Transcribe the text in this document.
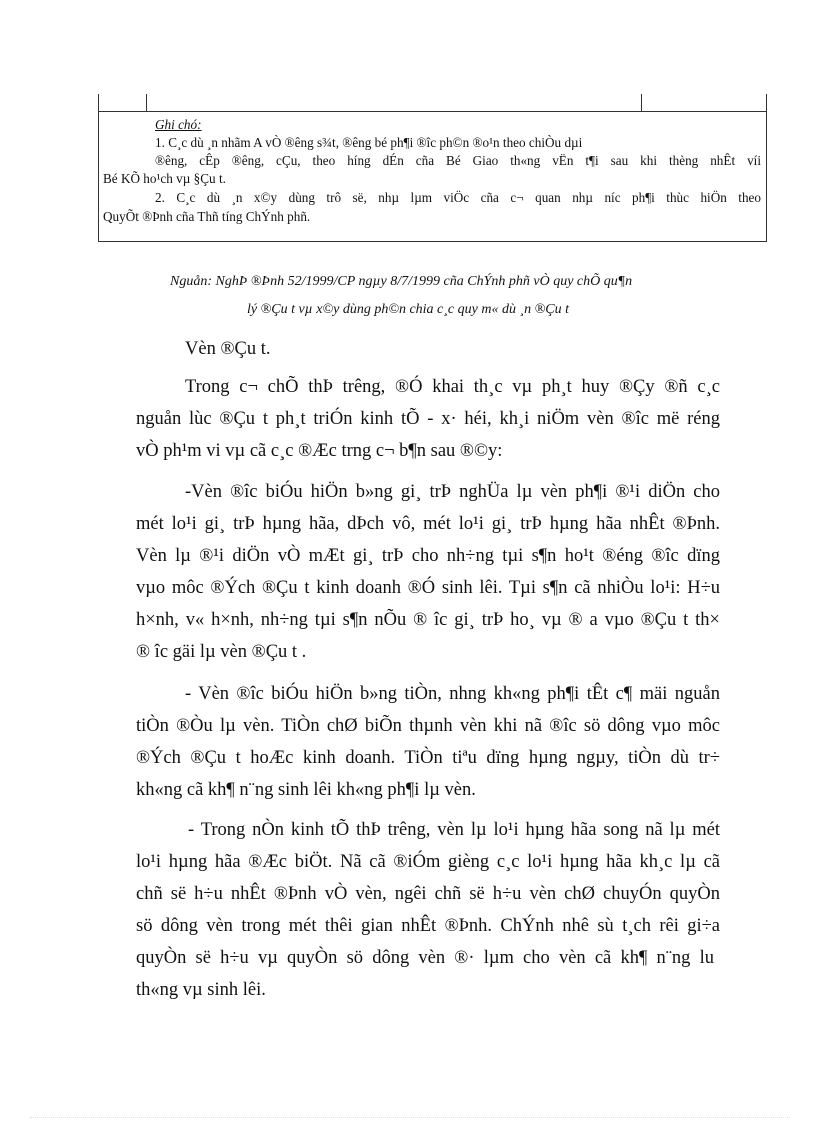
Ghi chó:
1. C¸c dù ¸n nhãm A vÒ ®êng s¾t, ®êng bé ph¶i ®îc ph©n ®o¹n theo chiÒu dµi
®êng, cÊp ®êng, cÇu, theo híng dÉn cña Bé Giao th«ng vËn t¶i sau khi thèng nhÊt víi
Bé KÕ ho¹ch vµ §Çu t.
2. C¸c dù ¸n x©y dùng trô së, nhµ lµm viÖc cña c¬ quan nhµ níc ph¶i thùc hiÖn theo
QuyÕt ®Þnh cña Thñ tíng ChÝnh phñ.
Nguån: NghÞ ®Þnh 52/1999/CP ngµy 8/7/1999 cña ChÝnh phñ vÒ quy chÕ qu¶n
lý ®Çu t vµ x©y dùng ph©n chia c¸c quy m« dù ¸n ®Çu t
Vèn ®Çu t.
Trong c¬ chÕ thÞ trêng, ®Ó khai th¸c vµ ph¸t huy ®Çy ®ñ c¸c
nguån lùc ®Çu t ph¸t triÓn kinh tÕ - x· héi, kh¸i niÖm vèn ®îc më réng
vÒ ph¹m vi vµ cã c¸c ®Æc trng c¬ b¶n sau ®©y:
-Vèn ®îc biÓu hiÖn b»ng gi¸ trÞ nghÜa lµ vèn ph¶i ®¹i diÖn cho
mét lo¹i gi¸ trÞ hµng hãa, dÞch vô, mét lo¹i gi¸ trÞ hµng hãa nhÊt ®Þnh.
Vèn lµ ®¹i diÖn vÒ mÆt gi¸ trÞ cho nh÷ng tµi s¶n ho¹t ®éng ®îc dïng
vµo môc ®Ých ®Çu t kinh doanh ®Ó sinh lêi. Tµi s¶n cã nhiÒu lo¹i: H÷u
h×nh, v« h×nh, nh÷ng tµi s¶n nÕu ® îc gi¸ trÞ ho¸ vµ ® a vµo ®Çu t th×
® îc gäi lµ vèn ®Çu t .
- Vèn ®îc biÓu hiÖn b»ng tiÒn, nhng kh«ng ph¶i tÊt c¶ mäi nguån
tiÒn ®Òu lµ vèn. TiÒn chØ biÕn thµnh vèn khi nã ®îc sö dông vµo môc
®Ých ®Çu t hoÆc kinh doanh. TiÒn tiªu dïng hµng ngµy, tiÒn dù tr÷
kh«ng cã kh¶ n¨ng sinh lêi kh«ng ph¶i lµ vèn.
- Trong nÒn kinh tÕ thÞ trêng, vèn lµ lo¹i hµng hãa song nã lµ mét
lo¹i hµng hãa ®Æc biÖt. Nã cã ®iÓm gièng c¸c lo¹i hµng hãa kh¸c lµ cã
chñ së h÷u nhÊt ®Þnh vÒ vèn, ngêi chñ së h÷u vèn chØ chuyÓn quyÒn
sö dông vèn trong mét thêi gian nhÊt ®Þnh. ChÝnh nhê sù t¸ch rêi gi÷a
quyÒn së h÷u vµ quyÒn sö dông vèn ®· lµm cho vèn cã kh¶ n¨ng lu
th«ng vµ sinh lêi.
